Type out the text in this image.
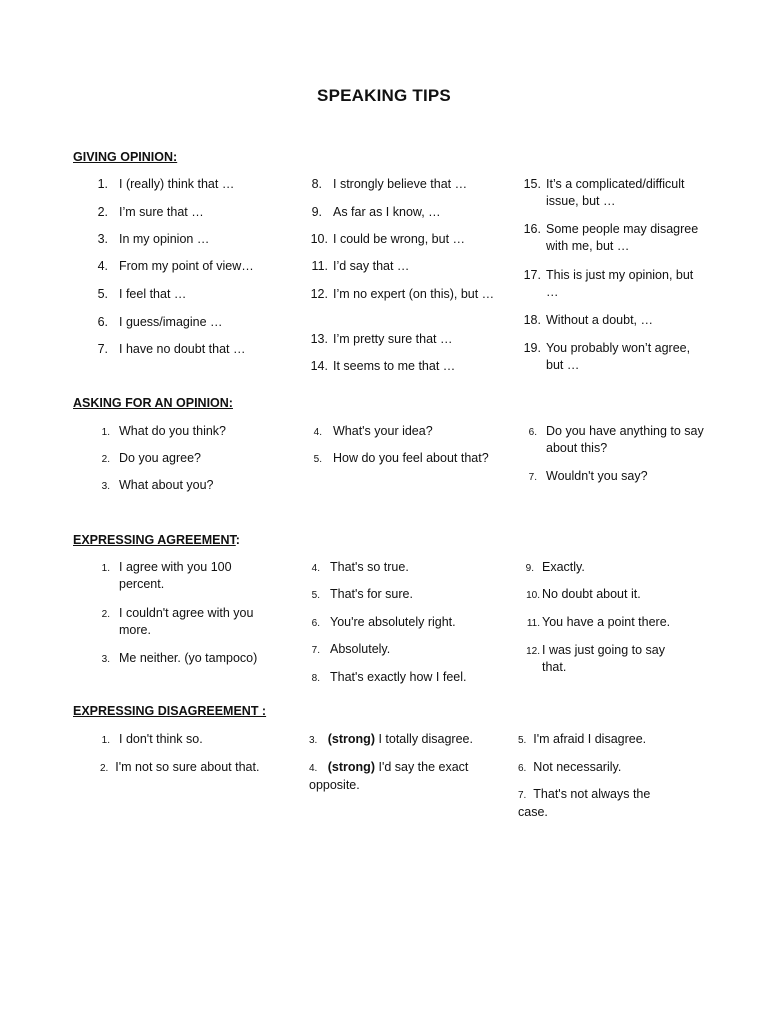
SPEAKING TIPS
GIVING OPINION:
1. I (really) think that …
2. I’m sure that …
3. In my opinion …
4. From my point of view…
5. I feel that …
6. I guess/imagine …
7. I have no doubt that …
8. I strongly believe that …
9. As far as I know, …
10. I could be wrong, but …
11. I’d say that …
12. I’m no expert (on this), but …
13. I’m pretty sure that …
14. It seems to me that …
15. It’s a complicated/difficult issue, but …
16. Some people may disagree with me, but …
17. This is just my opinion, but …
18. Without a doubt, …
19. You probably won’t agree, but …
ASKING FOR AN OPINION:
1. What do you think?
2. Do you agree?
3. What about you?
4. What's your idea?
5. How do you feel about that?
6. Do you have anything to say about this?
7. Wouldn't you say?
EXPRESSING AGREEMENT:
1. I agree with you 100 percent.
2. I couldn't agree with you more.
3. Me neither. (yo tampoco)
4. That's so true.
5. That's for sure.
6. You're absolutely right.
7. Absolutely.
8. That's exactly how I feel.
9. Exactly.
10. No doubt about it.
11. You have a point there.
12. I was just going to say that.
EXPRESSING DISAGREEMENT :
1. I don't think so.
2. I'm not so sure about that.
3. (strong) I totally disagree.
4. (strong) I'd say the exact opposite.
5. I'm afraid I disagree.
6. Not necessarily.
7. That's not always the case.
